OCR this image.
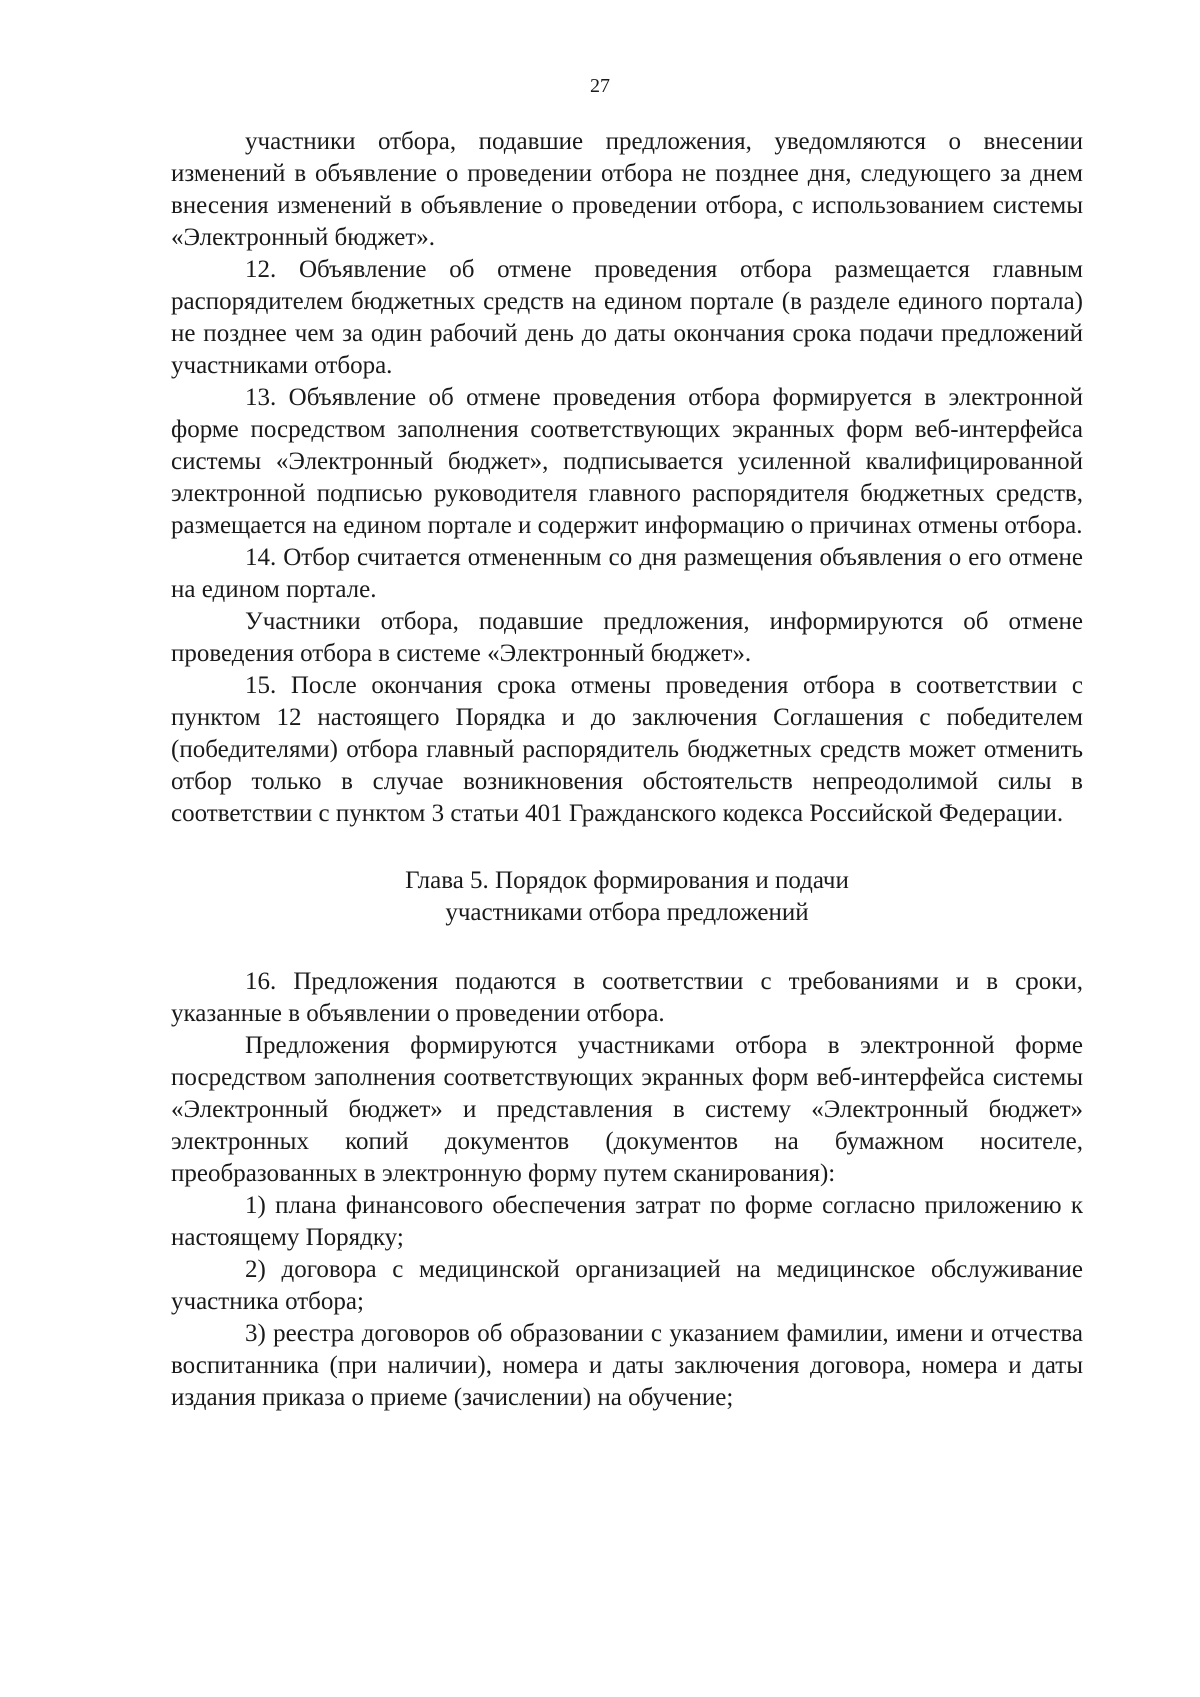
27

участники отбора, подавшие предложения, уведомляются о внесении изменений в объявление о проведении отбора не позднее дня, следующего за днем внесения изменений в объявление о проведении отбора, с использованием системы «Электронный бюджет».

12. Объявление об отмене проведения отбора размещается главным распорядителем бюджетных средств на едином портале (в разделе единого портала) не позднее чем за один рабочий день до даты окончания срока подачи предложений участниками отбора.

13. Объявление об отмене проведения отбора формируется в электронной форме посредством заполнения соответствующих экранных форм веб-интерфейса системы «Электронный бюджет», подписывается усиленной квалифицированной электронной подписью руководителя главного распорядителя бюджетных средств, размещается на едином портале и содержит информацию о причинах отмены отбора.

14. Отбор считается отмененным со дня размещения объявления о его отмене на едином портале.

Участники отбора, подавшие предложения, информируются об отмене проведения отбора в системе «Электронный бюджет».

15. После окончания срока отмены проведения отбора в соответствии с пунктом 12 настоящего Порядка и до заключения Соглашения с победителем (победителями) отбора главный распорядитель бюджетных средств может отменить отбор только в случае возникновения обстоятельств непреодолимой силы в соответствии с пунктом 3 статьи 401 Гражданского кодекса Российской Федерации.

Глава 5. Порядок формирования и подачи
участниками отбора предложений

16. Предложения подаются в соответствии с требованиями и в сроки, указанные в объявлении о проведении отбора.

Предложения формируются участниками отбора в электронной форме посредством заполнения соответствующих экранных форм веб-интерфейса системы «Электронный бюджет» и представления в систему «Электронный бюджет» электронных копий документов (документов на бумажном носителе, преобразованных в электронную форму путем сканирования):

1) плана финансового обеспечения затрат по форме согласно приложению к настоящему Порядку;

2) договора с медицинской организацией на медицинское обслуживание участника отбора;

3) реестра договоров об образовании с указанием фамилии, имени и отчества воспитанника (при наличии), номера и даты заключения договора, номера и даты издания приказа о приеме (зачислении) на обучение;
